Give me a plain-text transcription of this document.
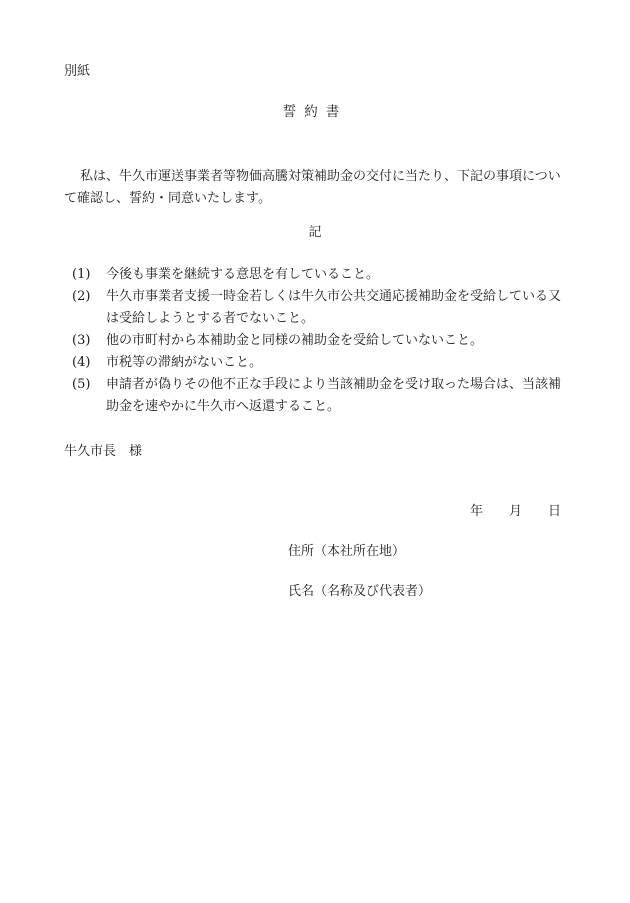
別紙
誓約書
私は、牛久市運送事業者等物価高騰対策補助金の交付に当たり、下記の事項について確認し、誓約・同意いたします。
記
(1)	今後も事業を継続する意思を有していること。
(2)	牛久市事業者支援一時金若しくは牛久市公共交通応援補助金を受給している又は受給しようとする者でないこと。
(3)	他の市町村から本補助金と同様の補助金を受給していないこと。
(4)	市税等の滞納がないこと。
(5)	申請者が偽りその他不正な手段により当該補助金を受け取った場合は、当該補助金を速やかに牛久市へ返還すること。
牛久市長　様
年　　月　　日
住所（本社所在地）
氏名（名称及び代表者）
